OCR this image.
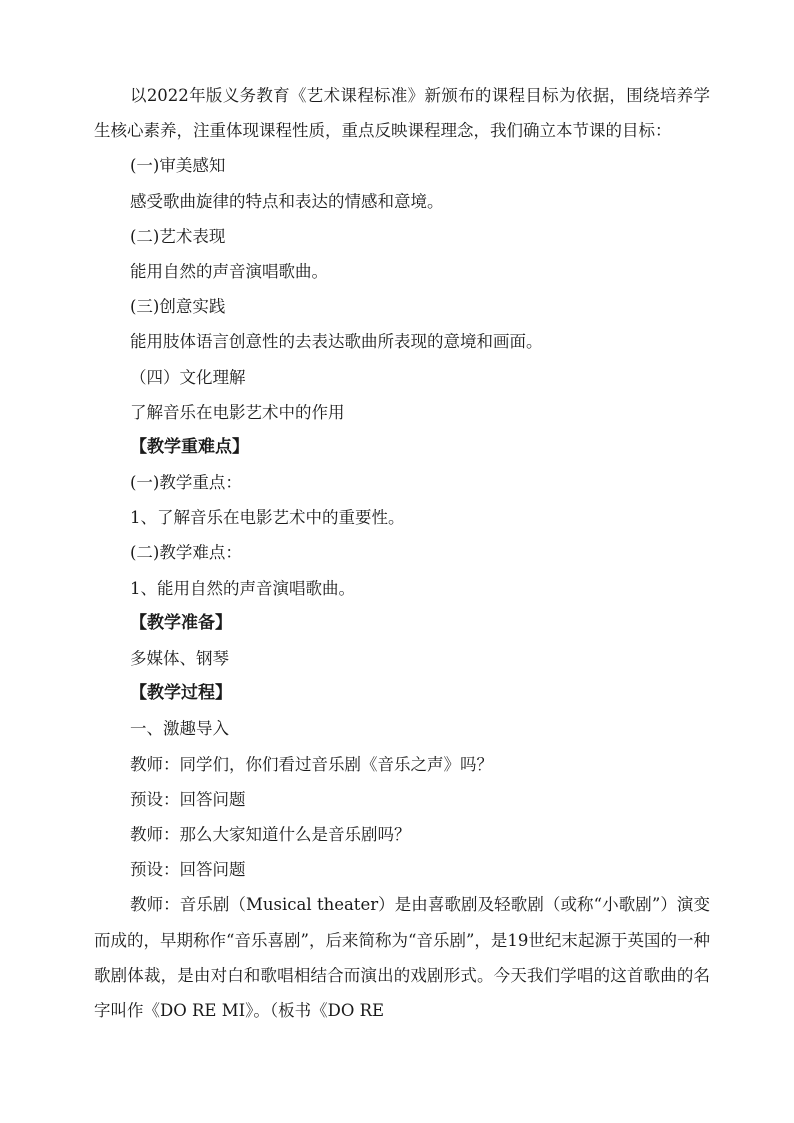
以2022年版义务教育《艺术课程标准》新颁布的课程目标为依据，围绕培养学生核心素养，注重体现课程性质，重点反映课程理念，我们确立本节课的目标：
(一)审美感知
感受歌曲旋律的特点和表达的情感和意境。
(二)艺术表现
能用自然的声音演唱歌曲。
(三)创意实践
能用肢体语言创意性的去表达歌曲所表现的意境和画面。
（四）文化理解
了解音乐在电影艺术中的作用
【教学重难点】
(一)教学重点：
1、了解音乐在电影艺术中的重要性。
(二)教学难点：
1、能用自然的声音演唱歌曲。
【教学准备】
多媒体、钢琴
【教学过程】
一、激趣导入
教师：同学们，你们看过音乐剧《音乐之声》吗？
预设：回答问题
教师：那么大家知道什么是音乐剧吗？
预设：回答问题
教师：音乐剧（Musical theater）是由喜歌剧及轻歌剧（或称“小歌剧”）演变而成的，早期称作“音乐喜剧”，后来简称为“音乐剧”，是19世纪末起源于英国的一种歌剧体裁，是由对白和歌唱相结合而演出的戏剧形式。今天我们学唱的这首歌曲的名字叫作《DO RE MI》。（板书《DO RE
